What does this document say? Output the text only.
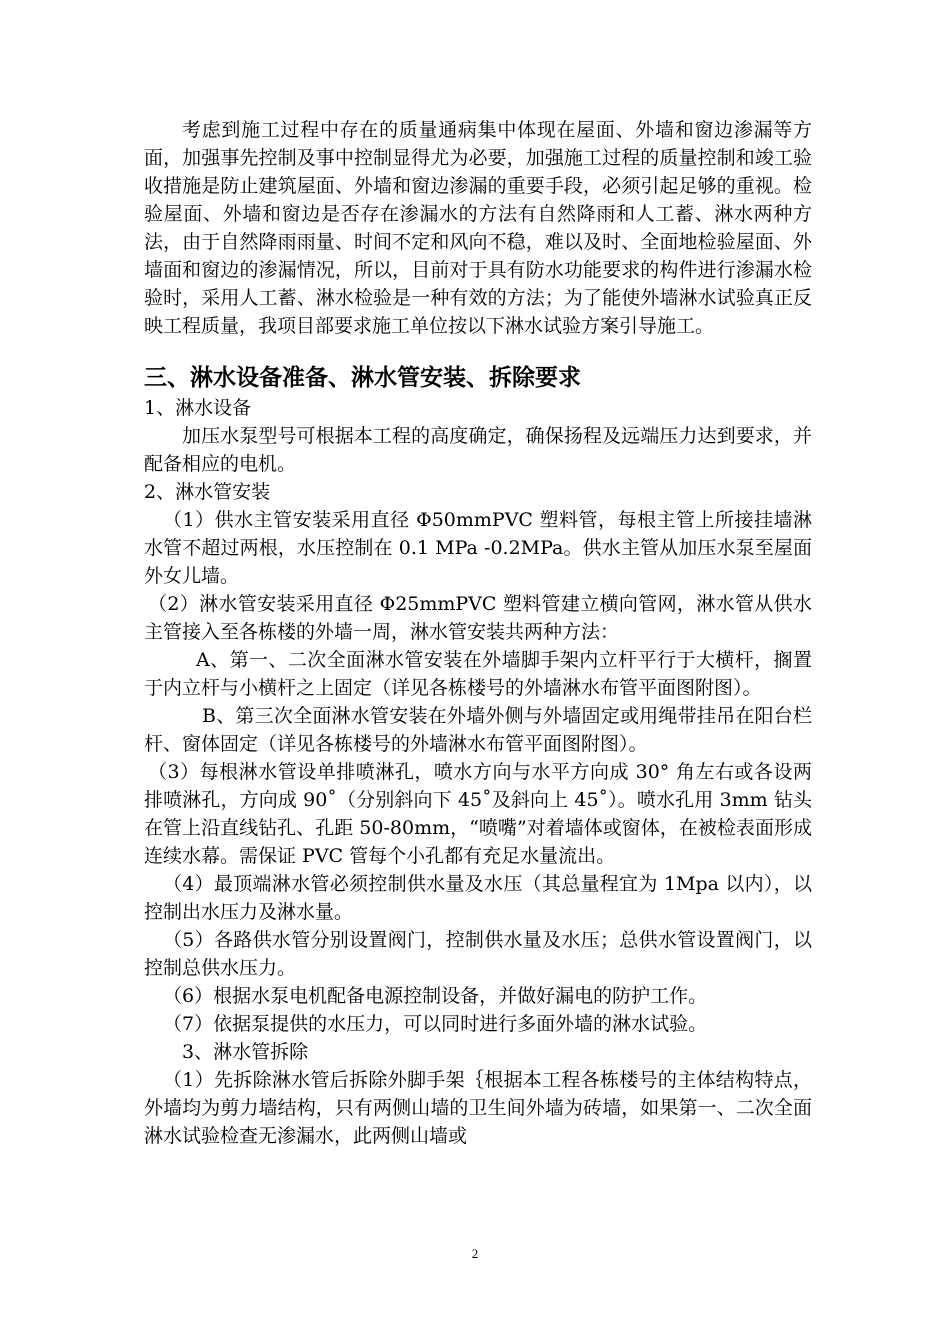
考虑到施工过程中存在的质量通病集中体现在屋面、外墙和窗边渗漏等方面，加强事先控制及事中控制显得尤为必要，加强施工过程的质量控制和竣工验收措施是防止建筑屋面、外墙和窗边渗漏的重要手段，必须引起足够的重视。检验屋面、外墙和窗边是否存在渗漏水的方法有自然降雨和人工蓄、淋水两种方法，由于自然降雨雨量、时间不定和风向不稳，难以及时、全面地检验屋面、外墙面和窗边的渗漏情况，所以，目前对于具有防水功能要求的构件进行渗漏水检验时，采用人工蓄、淋水检验是一种有效的方法；为了能使外墙淋水试验真正反映工程质量，我项目部要求施工单位按以下淋水试验方案引导施工。

三、淋水设备准备、淋水管安装、拆除要求

1、淋水设备

加压水泵型号可根据本工程的高度确定，确保扬程及远端压力达到要求，并配备相应的电机。

2、淋水管安装

（1）供水主管安装采用直径 Φ50mmPVC 塑料管，每根主管上所接挂墙淋水管不超过两根，水压控制在 0.1 MPa -0.2MPa。供水主管从加压水泵至屋面外女儿墙。

（2）淋水管安装采用直径 Φ25mmPVC 塑料管建立横向管网，淋水管从供水主管接入至各栋楼的外墙一周，淋水管安装共两种方法：

A、第一、二次全面淋水管安装在外墙脚手架内立杆平行于大横杆，搁置于内立杆与小横杆之上固定（详见各栋楼号的外墙淋水布管平面图附图）。

B、第三次全面淋水管安装在外墙外侧与外墙固定或用绳带挂吊在阳台栏杆、窗体固定（详见各栋楼号的外墙淋水布管平面图附图）。

（3）每根淋水管设单排喷淋孔，喷水方向与水平方向成 30° 角左右或各设两排喷淋孔，方向成 90˚（分别斜向下 45˚及斜向上 45˚）。喷水孔用 3mm 钻头在管上沿直线钻孔、孔距 50-80mm，“喷嘴”对着墙体或窗体，在被检表面形成连续水幕。需保证 PVC 管每个小孔都有充足水量流出。

（4）最顶端淋水管必须控制供水量及水压（其总量程宜为 1Mpa 以内），以控制出水压力及淋水量。

（5）各路供水管分别设置阀门，控制供水量及水压；总供水管设置阀门，以控制总供水压力。

（6）根据水泵电机配备电源控制设备，并做好漏电的防护工作。

（7）依据泵提供的水压力，可以同时进行多面外墙的淋水试验。

3、淋水管拆除

（1）先拆除淋水管后拆除外脚手架｛根据本工程各栋楼号的主体结构特点，外墙均为剪力墙结构，只有两侧山墙的卫生间外墙为砖墙，如果第一、二次全面淋水试验检查无渗漏水，此两侧山墙或

2
